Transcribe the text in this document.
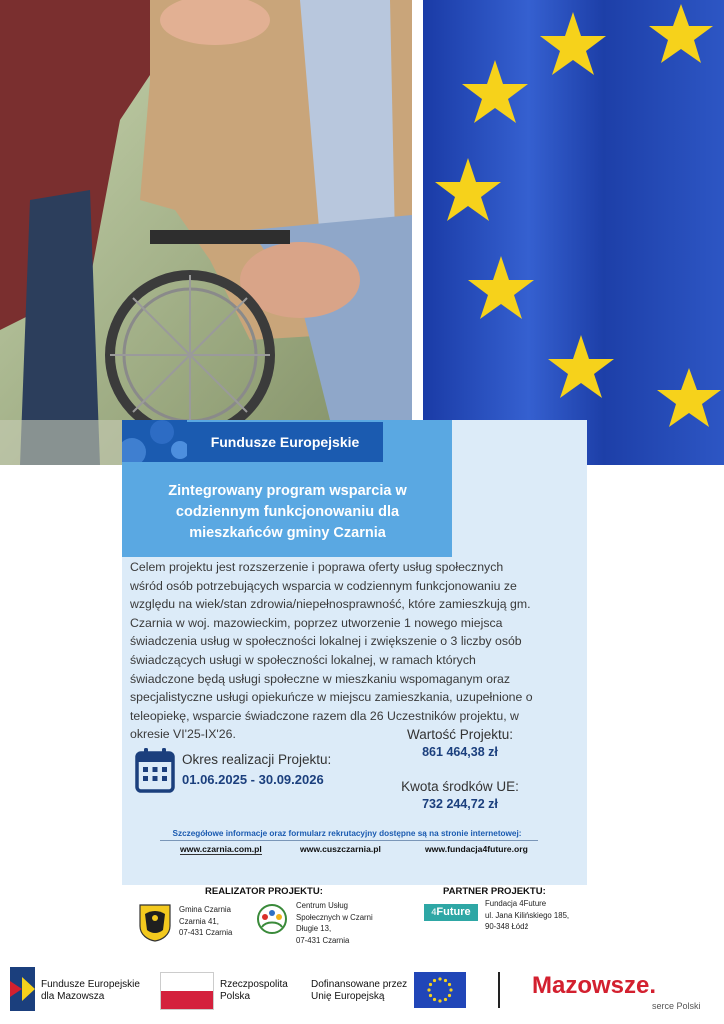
Fundusze Europejskie
Zintegrowany program wsparcia w
codziennym funkcjonowaniu dla
mieszkańców gminy Czarnia
Celem projektu jest rozszerzenie i poprawa oferty usług społecznych
wśród osób potrzebujących wsparcia w codziennym funkcjonowaniu ze
względu na wiek/stan zdrowia/niepełnosprawność, które zamieszkują gm.
Czarnia w woj. mazowieckim, poprzez utworzenie 1 nowego miejsca
świadczenia usług w społeczności lokalnej i zwiększenie o 3 liczby osób
świadczących usługi w społeczności lokalnej, w ramach których
świadczone będą usługi społeczne w mieszkaniu wspomaganym oraz
specjalistyczne usługi opiekuńcze w miejscu zamieszkania, uzupełnione o
teleopiekę, wsparcie świadczone razem dla 26 Uczestników projektu, w
okresie VI'25-IX'26.
Okres realizacji Projektu:
01.06.2025 - 30.09.2026
Wartość Projektu:
861 464,38 zł
Kwota środków UE:
732 244,72 zł
Szczegółowe informacje oraz formularz rekrutacyjny dostępne są na stronie internetowej:
www.czarnia.com.pl	www.cuszczarnia.pl	www.fundacja4future.org
REALIZATOR PROJEKTU:
Gmina Czarnia
Czarnia 41,
07-431 Czarnia
Centrum Usług
Społecznych w Czarni
Długie 13,
07-431 Czarnia
PARTNER PROJEKTU:
4Future
Fundacja 4Future
ul. Jana Kilińskiego 185,
90-348 Łódź
Fundusze Europejskie
dla Mazowsza
Rzeczpospolita
Polska
Dofinansowane przez
Unię Europejską	Mazowsze.
serce Polski
